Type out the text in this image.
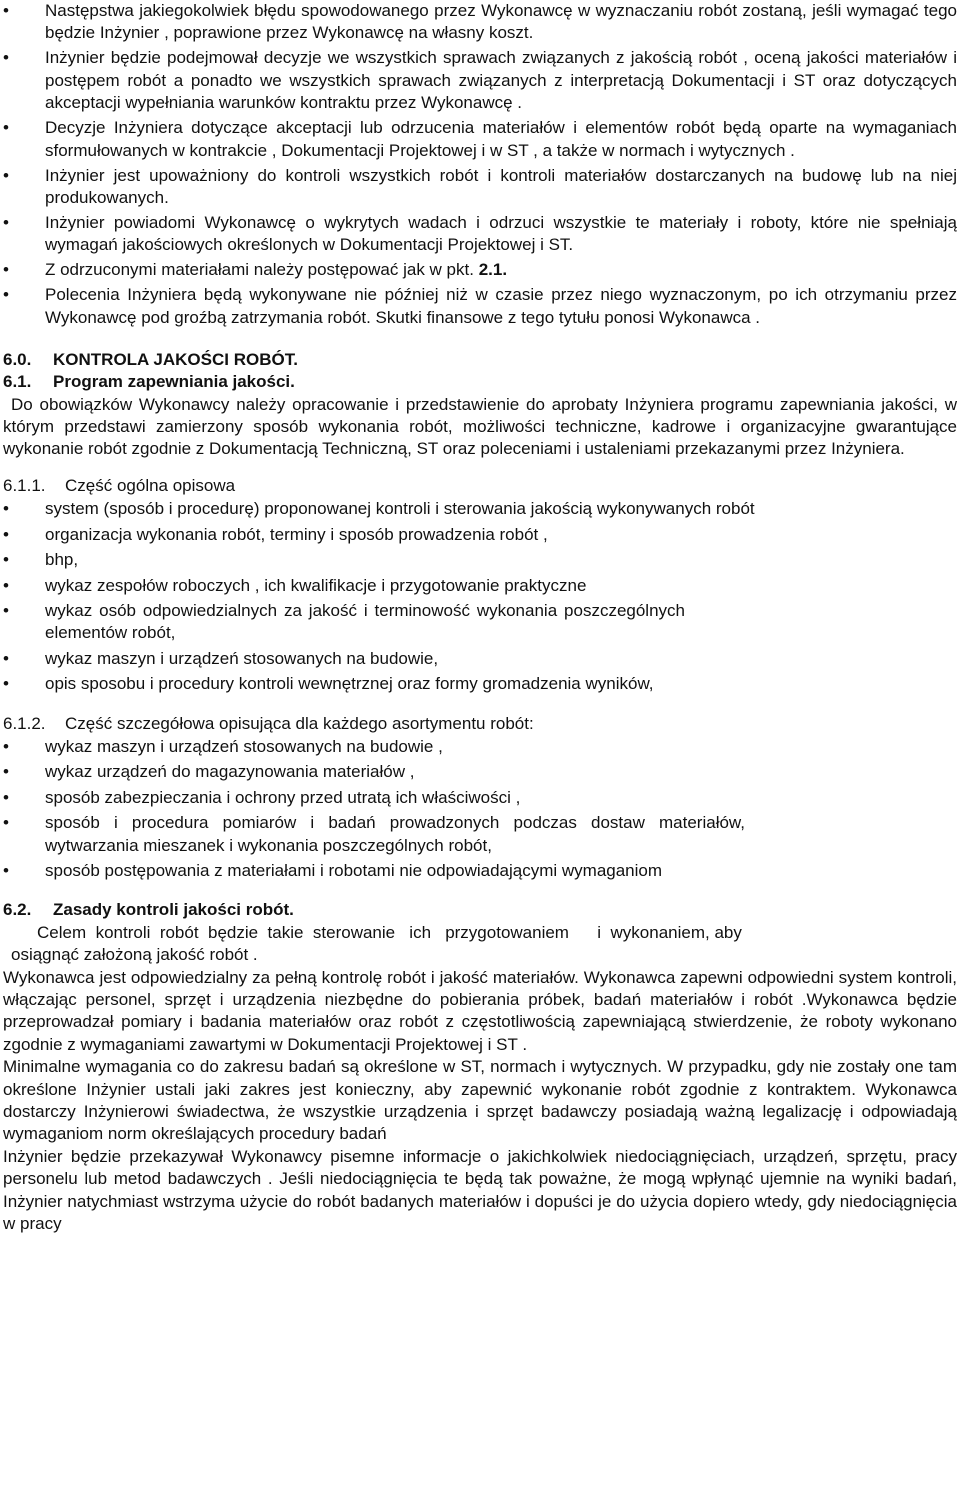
• Następstwa jakiegokolwiek błędu spowodowanego przez Wykonawcę w wyznaczaniu robót zostaną, jeśli wymagać tego będzie Inżynier , poprawione przez Wykonawcę na własny koszt.
• Inżynier będzie podejmował decyzje we wszystkich sprawach związanych z jakością robót , oceną jakości materiałów i postępem robót a ponadto we wszystkich sprawach związanych z interpretacją Dokumentacji i ST oraz dotyczących akceptacji wypełniania warunków kontraktu przez Wykonawcę .
• Decyzje Inżyniera dotyczące akceptacji lub odrzucenia materiałów i elementów robót będą oparte na wymaganiach sformułowanych w kontrakcie , Dokumentacji Projektowej i w ST , a także w normach i wytycznych .
• Inżynier jest upoważniony do kontroli wszystkich robót i kontroli materiałów dostarczanych na budowę lub na niej produkowanych.
• Inżynier powiadomi Wykonawcę o wykrytych wadach i odrzuci wszystkie te materiały i roboty, które nie spełniają wymagań jakościowych określonych w Dokumentacji Projektowej i ST.
• Z odrzuconymi materiałami należy postępować jak w pkt. 2.1.
• Polecenia Inżyniera będą wykonywane nie później niż w czasie przez niego wyznaczonym, po ich otrzymaniu przez Wykonawcę pod groźbą zatrzymania robót. Skutki finansowe z tego tytułu ponosi Wykonawca .

6.0. KONTROLA JAKOŚCI ROBÓT.

6.1. Program zapewniania jakości.

Do obowiązków Wykonawcy należy opracowanie i przedstawienie do aprobaty Inżyniera programu zapewniania jakości, w którym przedstawi zamierzony sposób wykonania robót, możliwości techniczne, kadrowe i organizacyjne gwarantujące wykonanie robót zgodnie z Dokumentacją Techniczną, ST oraz poleceniami i ustaleniami przekazanymi przez Inżyniera.

6.1.1. Część ogólna opisowa

• system (sposób i procedurę) proponowanej kontroli i sterowania jakością wykonywanych robót
• organizacja wykonania robót, terminy i sposób prowadzenia robót ,
• bhp,
• wykaz zespołów roboczych , ich kwalifikacje i przygotowanie praktyczne
• wykaz osób odpowiedzialnych za jakość i terminowość wykonania poszczególnych elementów robót,
• wykaz maszyn i urządzeń stosowanych na budowie,
• opis sposobu i procedury kontroli wewnętrznej oraz formy gromadzenia wyników,

6.1.2. Część szczegółowa opisująca dla każdego asortymentu robót:

• wykaz maszyn i urządzeń stosowanych na budowie ,
• wykaz urządzeń do magazynowania materiałów ,
• sposób zabezpieczania i ochrony przed utratą ich właściwości ,
• sposób i procedura pomiarów i badań prowadzonych podczas dostaw materiałów, wytwarzania mieszanek i wykonania poszczególnych robót,
• sposób postępowania z materiałami i robotami nie odpowiadającymi wymaganiom

6.2. Zasady kontroli jakości robót.

Celem  kontroli  robót  będzie  takie  sterowanie   ich   przygotowaniem      i  wykonaniem, aby

osiągnąć założoną jakość robót .

Wykonawca jest odpowiedzialny za pełną kontrolę robót i jakość materiałów. Wykonawca zapewni odpowiedni system kontroli, włączając personel, sprzęt i urządzenia niezbędne do pobierania próbek, badań materiałów i robót .Wykonawca będzie przeprowadzał pomiary i badania materiałów oraz robót z częstotliwością zapewniającą stwierdzenie, że roboty wykonano zgodnie z wymaganiami zawartymi w Dokumentacji Projektowej i ST .

Minimalne wymagania co do zakresu badań są określone w ST, normach i wytycznych. W przypadku, gdy nie zostały one tam określone Inżynier ustali jaki zakres jest konieczny, aby zapewnić wykonanie robót zgodnie z kontraktem. Wykonawca dostarczy Inżynierowi świadectwa, że wszystkie urządzenia i sprzęt badawczy posiadają ważną legalizację i odpowiadają wymaganiom norm określających procedury badań

Inżynier będzie przekazywał Wykonawcy pisemne informacje o jakichkolwiek niedociągnięciach, urządzeń, sprzętu, pracy personelu lub metod badawczych . Jeśli niedociągnięcia te będą tak poważne, że mogą wpłynąć ujemnie na wyniki badań, Inżynier natychmiast wstrzyma użycie do robót badanych materiałów i dopuści je do użycia dopiero wtedy, gdy niedociągnięcia w pracy
